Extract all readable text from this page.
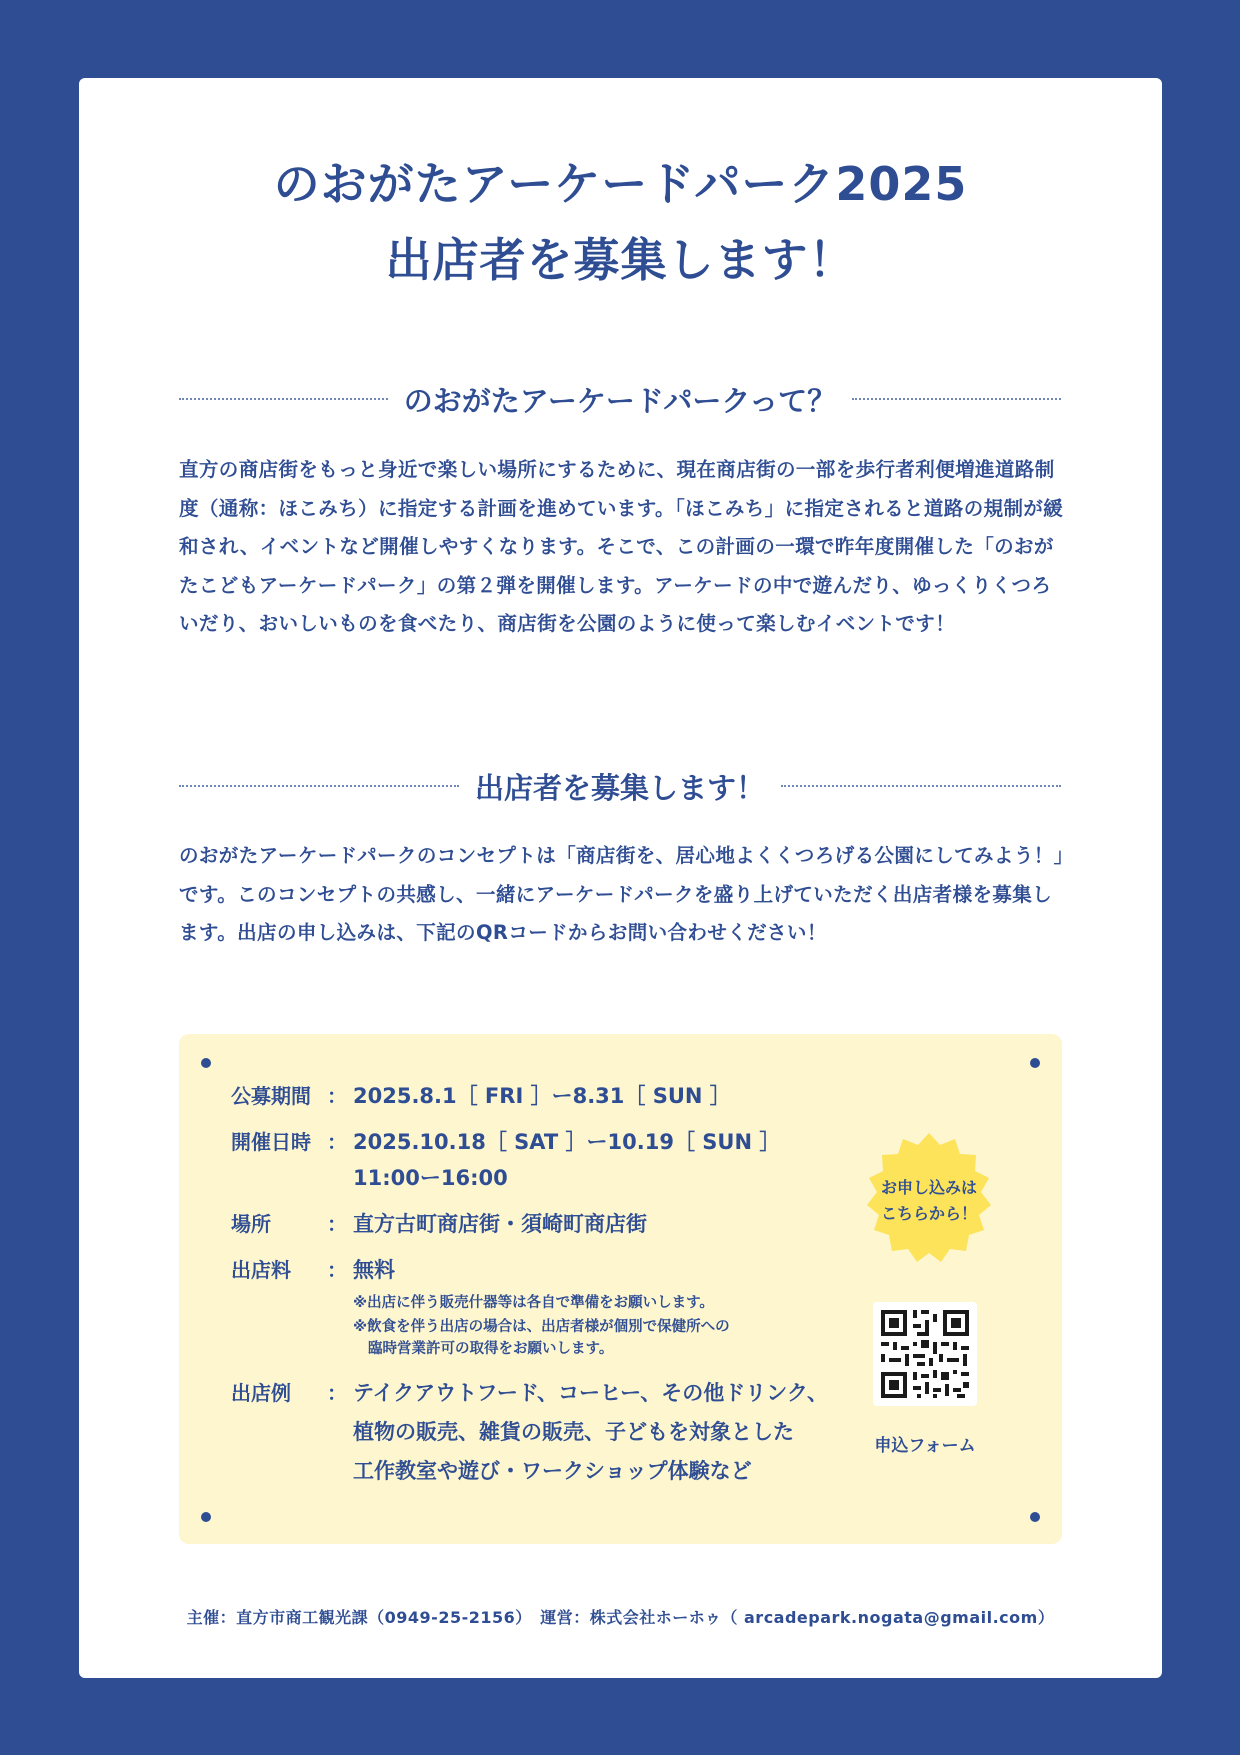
のおがたアーケードパーク2025
出店者を募集します！
のおがたアーケードパークって？

直方の商店街をもっと身近で楽しい場所にするために、現在商店街の一部を歩行者利便増進道路制度（通称：ほこみち）に指定する計画を進めています。「ほこみち」に指定されると道路の規制が緩和され、イベントなど開催しやすくなります。そこで、この計画の一環で昨年度開催した「のおがたこどもアーケードパーク」の第２弾を開催します。アーケードの中で遊んだり、ゆっくりくつろいだり、おいしいものを食べたり、商店街を公園のように使って楽しむイベントです！

出店者を募集します！

のおがたアーケードパークのコンセプトは「商店街を、居心地よくくつろげる公園にしてみよう！」です。このコンセプトの共感し、一緒にアーケードパークを盛り上げていただく出店者様を募集します。出店の申し込みは、下記のQRコードからお問い合わせください！

公募期間 ： 2025.8.1［ FRI ］ー8.31［ SUN ］
開催日時 ： 2025.10.18［ SAT ］ー10.19［ SUN ］
11:00ー16:00
場所	： 直方古町商店街・須崎町商店街
出店料	： 無料
※出店に伴う販売什器等は各自で準備をお願いします。
※飲食を伴う出店の場合は、出店者様が個別で保健所への
臨時営業許可の取得をお願いします。
出店例	： テイクアウトフード、コーヒー、その他ドリンク、
植物の販売、雑貨の販売、子どもを対象とした
工作教室や遊び・ワークショップ体験など
お申し込みは
こちらから！
申込フォーム
主催：直方市商工観光課（0949-25-2156）　運営：株式会社ホーホゥ（ arcadepark.nogata@gmail.com）
